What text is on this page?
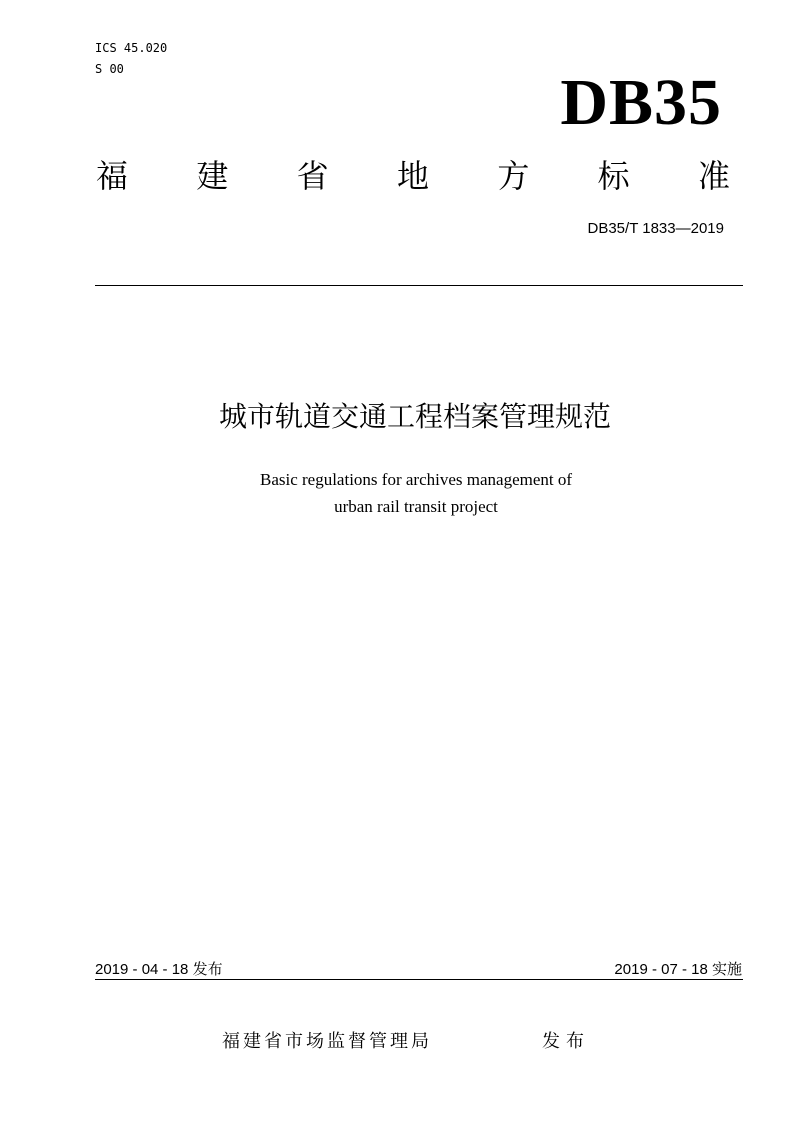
ICS 45.020
S 00	DB35
福 建 省 地 方 标 准
DB35/T 1833—2019
城市轨道交通工程档案管理规范
Basic regulations for archives management of
urban rail transit project
2019 - 04 - 18 发布	2019 - 07 - 18 实施
福建省市场监督管理局	发布
